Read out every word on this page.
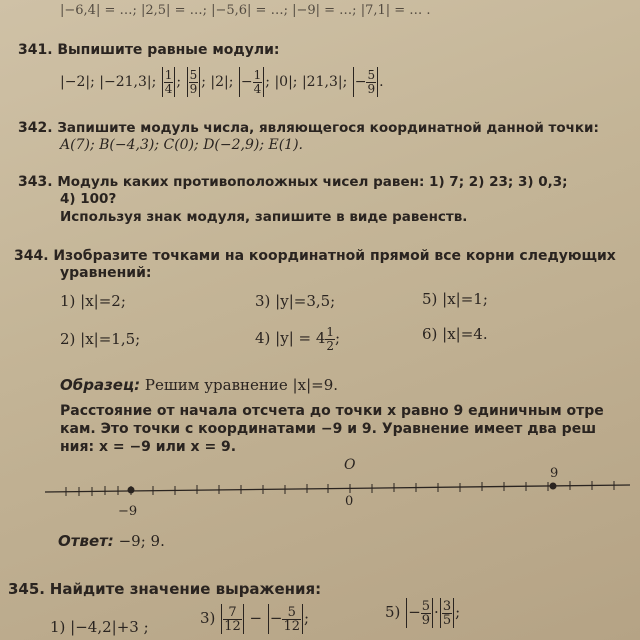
|−6,4| = …; |2,5| = …; |−5,6| = …; |−9| = …; |7,1| = … .
341. Выпишите равные модули:
|−2|; |−21,3|; $\frac{1}{4}$ ; $\frac{5}{9}$ ; |2|; − $\frac{1}{4}$ ; |0|; |21,3|; − $\frac{5}{9}$ .
342. Запишите модуль числа, являющегося координатной данной точки:
A(7); B(−4,3); C(0); D(−2,9); E(1).
343. Модуль каких противоположных чисел равен: 1) 7; 2) 23; 3) 0,3;
4) 100?
Используя знак модуля, запишите в виде равенств.
344. Изобразите точками на координатной прямой все корни следующих
уравнений:
1) |x|=2;	3) |y|=3,5;	5) |x|=1;
2) |x|=1,5;	4) $|y| = 4 \frac{1}{2}$ ;	6) |x|=4.
Образец: Решим уравнение |x|=9.
Расстояние от начала отсчета до точки x равно 9 единичным отре
кам. Это точки с координатами −9 и 9. Уравнение имеет два реш
ния: x = −9 или x = 9.
O
0
−9
9
Ответ: −9; 9.
345. Найдите значение выражения:
1) |−4,2|+3 ;	$3) \frac{7}{12}$ − − $\frac{5}{12}$ ;	$5) - \frac{5}{9} \cdot \frac{3}{5}$ ;
